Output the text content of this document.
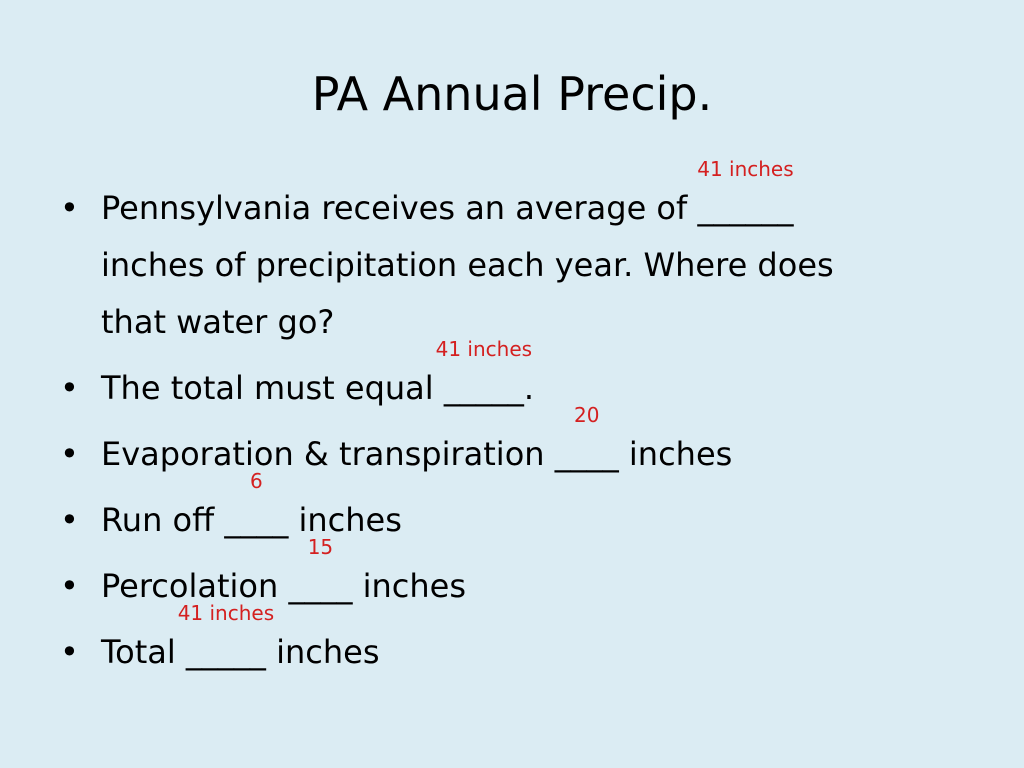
PA Annual Precip.
• Pennsylvania receives an average of ______
41 inches
inches of precipitation each year. Where does
that water go?
• The total must equal _____
41 inches
.
• Evaporation & transpiration ____
20
inches
• Run off ____
6
inches
• Percolation ____
15
inches
• Total _____
41 inches
inches
